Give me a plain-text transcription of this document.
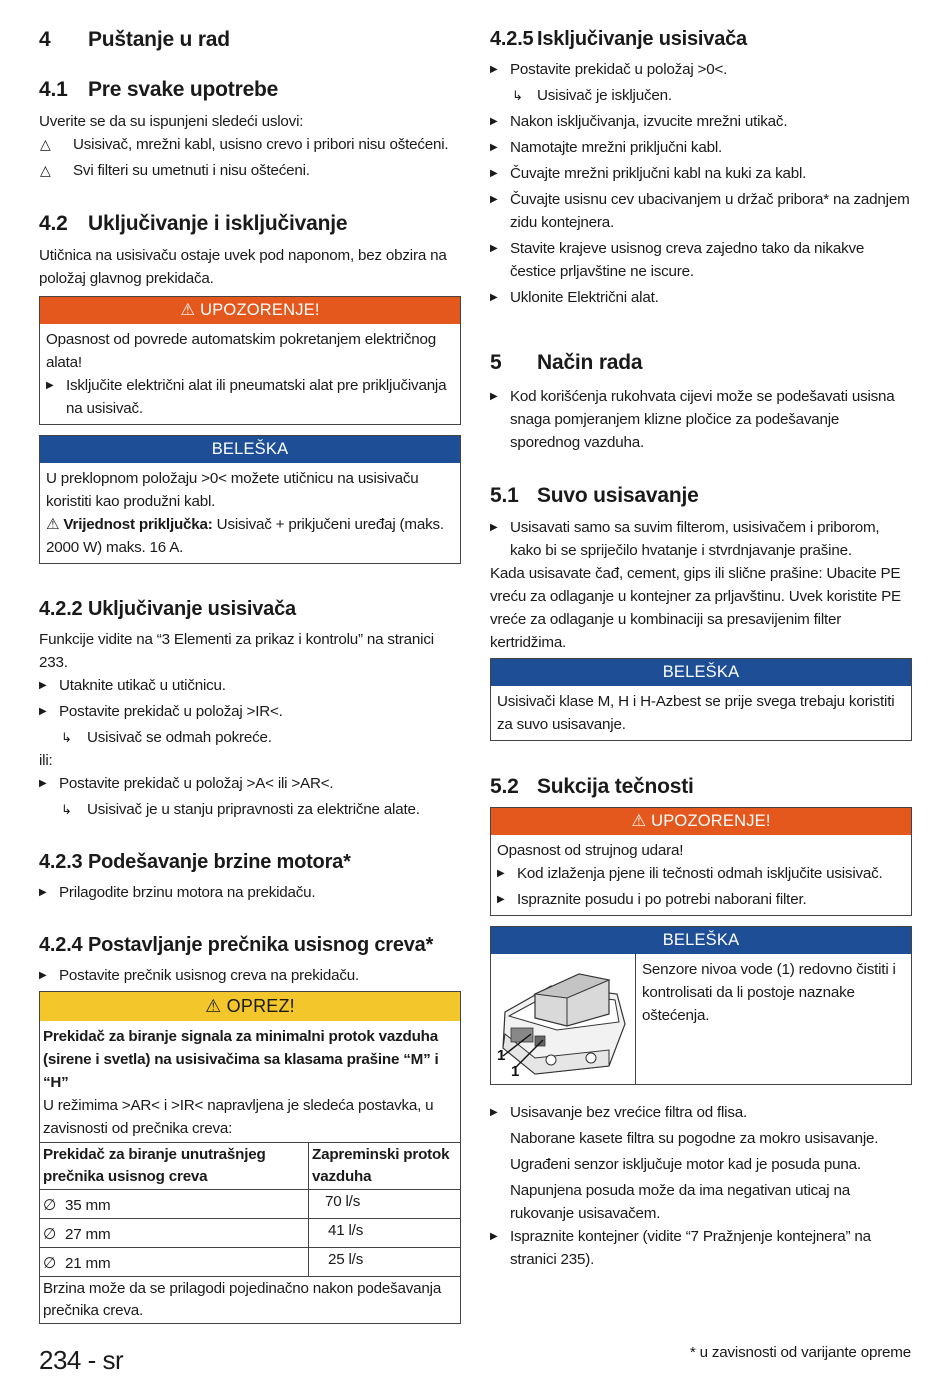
4 Puštanje u rad
4.1 Pre svake upotrebe

Uverite se da su ispunjeni sledeći uslovi:

△ Usisivač, mrežni kabl, usisno crevo i pribori nisu oštećeni.
△ Svi filteri su umetnuti i nisu oštećeni.
4.2 Uključivanje i isključivanje

Utičnica na usisivaču ostaje uvek pod naponom, bez obzira na položaj glavnog prekidača.

⚠ UPOZORENJE!

Opasnost od povrede automatskim pokretanjem električnog alata!

▶ Isključite električni alat ili pneumatski alat pre priključivanja na usisivač.
BELEŠKA

U preklopnom položaju >0< možete utičnicu na usisivaču koristiti kao produžni kabl.

⚠ Vrijednost priključka: Usisivač + prikjučeni uređaj (maks. 2000 W) maks. 16 A.

4.2.2 Uključivanje usisivača

Funkcije vidite na “3 Elementi za prikaz i kontrolu” na stranici 233.

▶ Utaknite utikač u utičnicu.
▶ Postavite prekidač u položaj >IR<.
↳ Usisivač se odmah pokreće.

ili:

▶ Postavite prekidač u položaj >A< ili >AR<.
↳ Usisivač je u stanju pripravnosti za električne alate.
4.2.3 Podešavanje brzine motora*
▶ Prilagodite brzinu motora na prekidaču.
4.2.4 Postavljanje prečnika usisnog creva*
▶ Postavite prečnik usisnog creva na prekidaču.
⚠ OPREZ!

Prekidač za biranje signala za minimalni protok vazduha (sirene i svetla) na usisivačima sa klasama prašine “M” i “H”

U režimima >AR< i >IR< napravljena je sledeća postavka, u zavisnosti od prečnika creva:

Prekidač za biranje unutrašnjeg prečnika usisnog creva	Zapreminski protok vazduha
∅ 35 mm	70 l/s
∅ 27 mm	41 l/s
∅ 21 mm	25 l/s
Brzina može da se prilagodi pojedinačno nakon podešavanja prečnika creva.	
4.2.5 Isključivanje usisivača
▶ Postavite prekidač u položaj >0<.
↳ Usisivač je isključen.
▶ Nakon isključivanja, izvucite mrežni utikač.
▶ Namotajte mrežni priključni kabl.
▶ Čuvajte mrežni priključni kabl na kuki za kabl.
▶ Čuvajte usisnu cev ubacivanjem u držač pribora* na zadnjem zidu kontejnera.
▶ Stavite krajeve usisnog creva zajedno tako da nikakve čestice prljavštine ne iscure.
▶ Uklonite Električni alat.
5 Način rada
▶ Kod korišćenja rukohvata cijevi može se podešavati usisna snaga pomjeranjem klizne pločice za podešavanje sporednog vazduha.
5.1 Suvo usisavanje
▶ Usisavati samo sa suvim filterom, usisivačem i priborom, kako bi se spriječilo hvatanje i stvrdnjavanje prašine.

Kada usisavate čađ, cement, gips ili slične prašine: Ubacite PE vreću za odlaganje u kontejner za prljavštinu. Uvek koristite PE vreće za odlaganje u kombinaciji sa presavijenim filter kertridžima.

BELEŠKA

Usisivači klase M, H i H-Azbest se prije svega trebaju koristiti za suvo usisavanje.

5.2 Sukcija tečnosti
⚠ UPOZORENJE!

Opasnost od strujnog udara!

▶ Kod izlaženja pjene ili tečnosti odmah isključite usisivač.
▶ Ispraznite posudu i po potrebi naborani filter.
BELEŠKA
1
1

Senzore nivoa vode (1) redovno čistiti i kontrolisati da li postoje naznake oštećenja.

▶ Usisavanje bez vrećice filtra od flisa.

Naborane kasete filtra su pogodne za mokro usisavanje.

Ugrađeni senzor isključuje motor kad je posuda puna.

Napunjena posuda može da ima negativan uticaj na rukovanje usisavačem.

▶ Ispraznite kontejner (vidite “7 Pražnjenje kontejnera” na stranici 235).
234 - sr	* u zavisnosti od varijante opreme
